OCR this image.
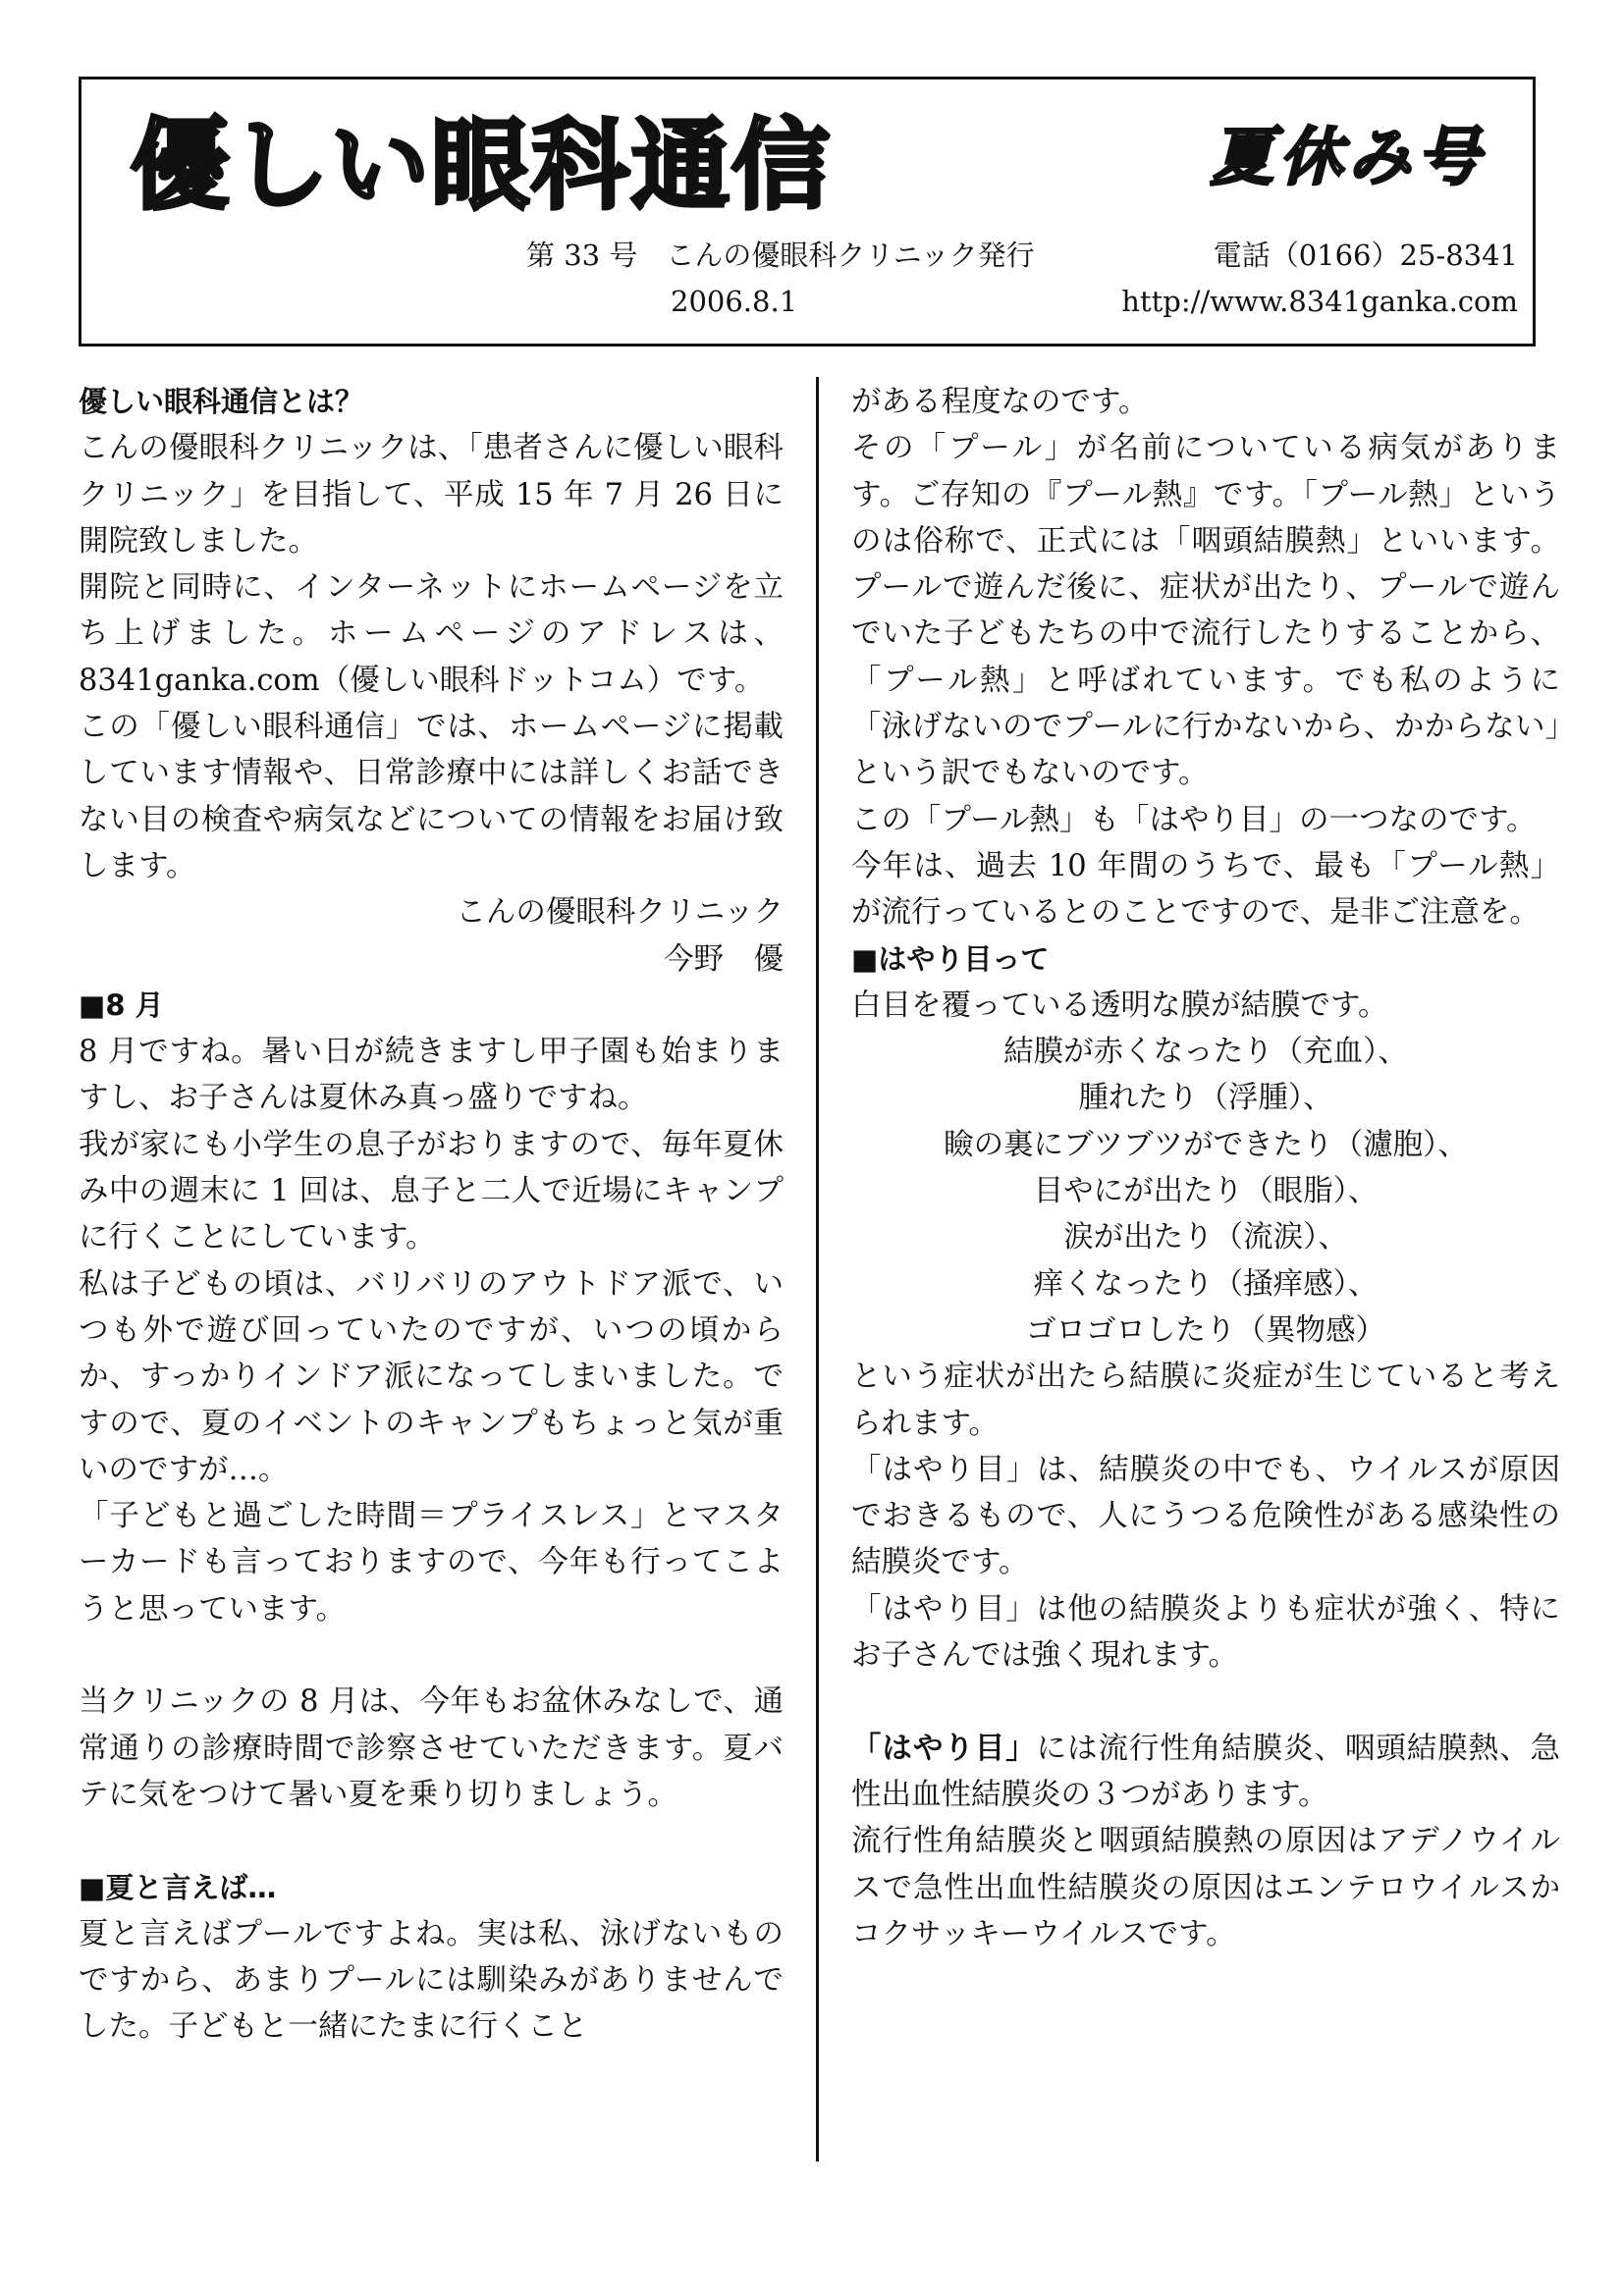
優しい眼科通信	夏休み号
第 33 号　こんの優眼科クリニック発行	電話（0166）25-8341
2006.8.1	http://www.8341ganka.com

優しい眼科通信とは？

こんの優眼科クリニックは、「患者さんに優しい眼科クリニック」を目指して、平成 15 年 7 月 26 日に開院致しました。

開院と同時に、インターネットにホームページを立ち上げました。ホームページのアドレスは、8341ganka.com（優しい眼科ドットコム）です。

この「優しい眼科通信」では、ホームページに掲載しています情報や、日常診療中には詳しくお話できない目の検査や病気などについての情報をお届け致します。

こんの優眼科クリニック

今野　優

■8 月

8 月ですね。暑い日が続きますし甲子園も始まりますし、お子さんは夏休み真っ盛りですね。

我が家にも小学生の息子がおりますので、毎年夏休み中の週末に 1 回は、息子と二人で近場にキャンプに行くことにしています。

私は子どもの頃は、バリバリのアウトドア派で、いつも外で遊び回っていたのですが、いつの頃からか、すっかりインドア派になってしまいました。ですので、夏のイベントのキャンプもちょっと気が重いのですが…。

「子どもと過ごした時間＝プライスレス」とマスターカードも言っておりますので、今年も行ってこようと思っています。

当クリニックの 8 月は、今年もお盆休みなしで、通常通りの診療時間で診察させていただきます。夏バテに気をつけて暑い夏を乗り切りましょう。

■夏と言えば…

夏と言えばプールですよね。実は私、泳げないものですから、あまりプールには馴染みがありませんでした。子どもと一緒にたまに行くこと

がある程度なのです。

その「プール」が名前についている病気があります。ご存知の『プール熱』です。「プール熱」というのは俗称で、正式には「咽頭結膜熱」といいます。プールで遊んだ後に、症状が出たり、プールで遊んでいた子どもたちの中で流行したりすることから、「プール熱」と呼ばれています。でも私のように「泳げないのでプールに行かないから、かからない」という訳でもないのです。

この「プール熱」も「はやり目」の一つなのです。

今年は、過去 10 年間のうちで、最も「プール熱」が流行っているとのことですので、是非ご注意を。

■はやり目って

白目を覆っている透明な膜が結膜です。

結膜が赤くなったり（充血）、

腫れたり（浮腫）、

瞼の裏にブツブツができたり（濾胞）、

目やにが出たり（眼脂）、

涙が出たり（流涙）、

痒くなったり（掻痒感）、

ゴロゴロしたり（異物感）

という症状が出たら結膜に炎症が生じていると考えられます。

「はやり目」は、結膜炎の中でも、ウイルスが原因でおきるもので、人にうつる危険性がある感染性の結膜炎です。

「はやり目」は他の結膜炎よりも症状が強く、特にお子さんでは強く現れます。

「はやり目」には流行性角結膜炎、咽頭結膜熱、急性出血性結膜炎の３つがあります。

流行性角結膜炎と咽頭結膜熱の原因はアデノウイルスで急性出血性結膜炎の原因はエンテロウイルスかコクサッキーウイルスです。
